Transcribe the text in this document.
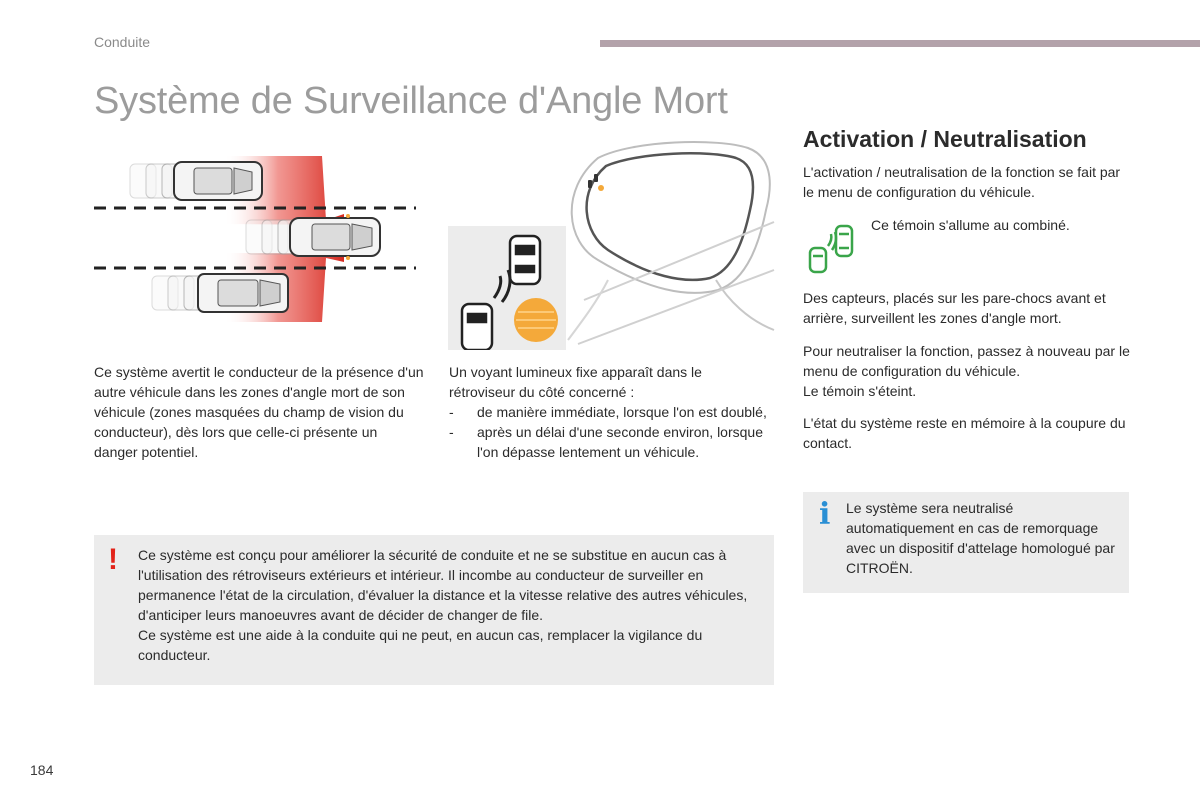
Conduite
Système de Surveillance d'Angle Mort

Ce système avertit le conducteur de la présence d'un autre véhicule dans les zones d'angle mort de son véhicule (zones masquées du champ de vision du conducteur), dès lors que celle-ci présente un danger potentiel.

Un voyant lumineux fixe apparaît dans le rétroviseur du côté concerné :

- de manière immédiate, lorsque l'on est doublé,
- après un délai d'une seconde environ, lorsque l'on dépasse lentement un véhicule.
! Ce système est conçu pour améliorer la sécurité de conduite et ne se substitue en aucun cas à l'utilisation des rétroviseurs extérieurs et intérieur. Il incombe au conducteur de surveiller en permanence l'état de la circulation, d'évaluer la distance et la vitesse relative des autres véhicules, d'anticiper leurs manoeuvres avant de décider de changer de file.

Ce système est une aide à la conduite qui ne peut, en aucun cas, remplacer la vigilance du conducteur.

Activation / Neutralisation

L'activation / neutralisation de la fonction se fait par le menu de configuration du véhicule.

Ce témoin s'allume au combiné.

Des capteurs, placés sur les pare-chocs avant et arrière, surveillent les zones d'angle mort.

Pour neutraliser la fonction, passez à nouveau par le menu de configuration du véhicule.
Le témoin s'éteint.

L'état du système reste en mémoire à la coupure du contact.

i Le système sera neutralisé automatiquement en cas de remorquage avec un dispositif d'attelage homologué par CITROËN.

184
